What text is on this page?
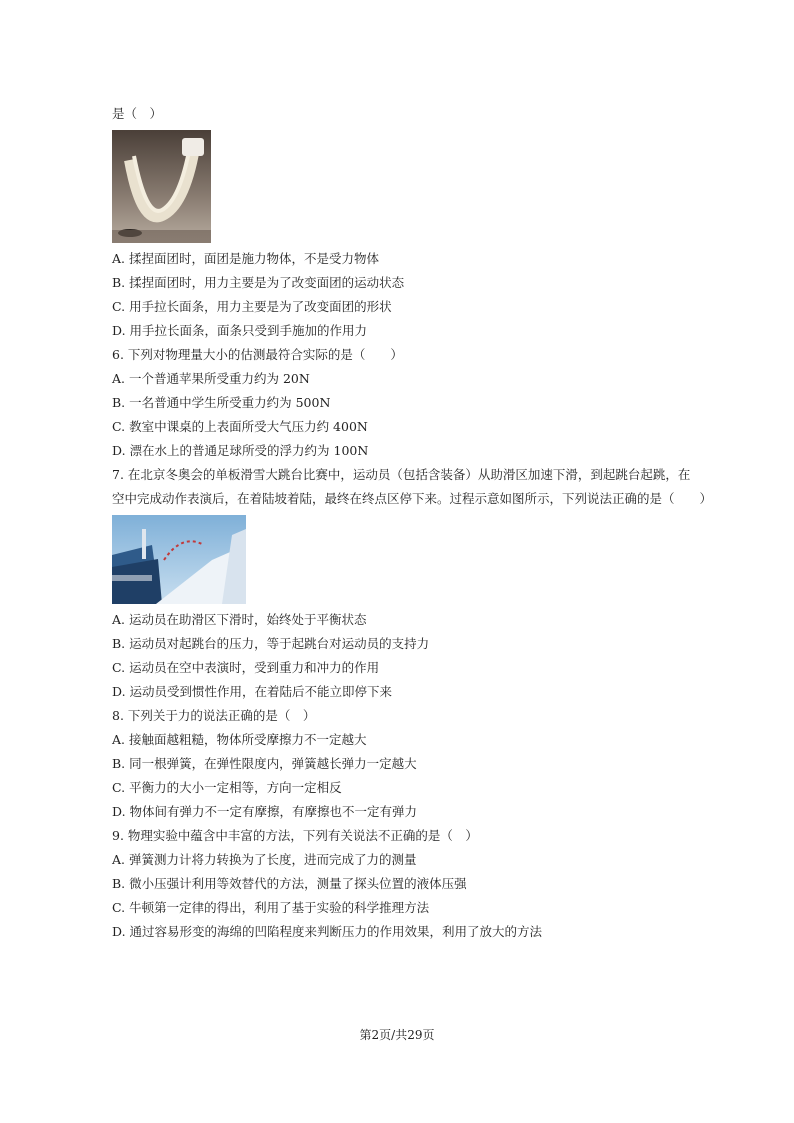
是（　）
A. 揉捏面团时，面团是施力物体，不是受力物体
B. 揉捏面团时，用力主要是为了改变面团的运动状态
C. 用手拉长面条，用力主要是为了改变面团的形状
D. 用手拉长面条，面条只受到手施加的作用力
6. 下列对物理量大小的估测最符合实际的是（　　）
A. 一个普通苹果所受重力约为 20N
B. 一名普通中学生所受重力约为 500N
C. 教室中课桌的上表面所受大气压力约 400N
D. 漂在水上的普通足球所受的浮力约为 100N
7. 在北京冬奥会的单板滑雪大跳台比赛中，运动员（包括含装备）从助滑区加速下滑，到起跳台起跳，在
空中完成动作表演后，在着陆坡着陆，最终在终点区停下来。过程示意如图所示，下列说法正确的是（　　）
A. 运动员在助滑区下滑时，始终处于平衡状态
B. 运动员对起跳台的压力，等于起跳台对运动员的支持力
C. 运动员在空中表演时，受到重力和冲力的作用
D. 运动员受到惯性作用，在着陆后不能立即停下来
8. 下列关于力的说法正确的是（　）
A. 接触面越粗糙，物体所受摩擦力不一定越大
B. 同一根弹簧，在弹性限度内，弹簧越长弹力一定越大
C. 平衡力的大小一定相等，方向一定相反
D. 物体间有弹力不一定有摩擦，有摩擦也不一定有弹力
9. 物理实验中蕴含中丰富的方法，下列有关说法不正确的是（　）
A. 弹簧测力计将力转换为了长度，进而完成了力的测量
B. 微小压强计利用等效替代的方法，测量了探头位置的液体压强
C. 牛顿第一定律的得出，利用了基于实验的科学推理方法
D. 通过容易形变的海绵的凹陷程度来判断压力的作用效果，利用了放大的方法
第2页/共29页
